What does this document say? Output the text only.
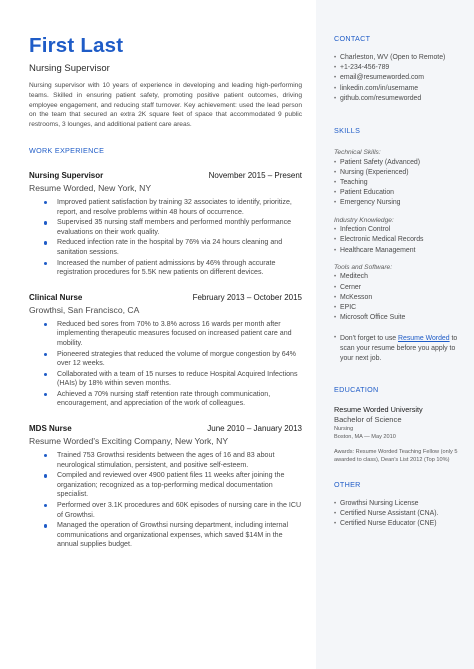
First Last
Nursing Supervisor

Nursing supervisor with 10 years of experience in developing and leading high-performing teams. Skilled in ensuring patient safety, promoting positive patient outcomes, driving employee engagement, and reducing staff turnover. Key achievement: used the lead person on the team that secured an extra 2K square feet of space that accommodated 9 public restrooms, 3 lounges, and additional patient care areas.

WORK EXPERIENCE
Nursing Supervisor	November 2015 – Present
Resume Worded, New York, NY
Improved patient satisfaction by training 32 associates to identify, prioritize, report, and resolve problems within 48 hours of occurrence.
Supervised 35 nursing staff members and performed monthly performance evaluations on their work quality.
Reduced infection rate in the hospital by 76% via 24 hours cleaning and sanitation sessions.
Increased the number of patient admissions by 46% through accurate registration procedures for 5.5K new patients on different devices.
Clinical Nurse	February 2013 – October 2015
Growthsi, San Francisco, CA
Reduced bed sores from 70% to 3.8% across 16 wards per month after implementing therapeutic measures focused on increased patient care and mobility.
Pioneered strategies that reduced the volume of morgue congestion by 64% over 12 weeks.
Collaborated with a team of 15 nurses to reduce Hospital Acquired Infections (HAIs) by 18% within seven months.
Achieved a 70% nursing staff retention rate through communication, encouragement, and appreciation of the work of colleagues.
MDS Nurse	June 2010 – January 2013
Resume Worded's Exciting Company, New York, NY
Trained 753 Growthsi residents between the ages of 16 and 83 about neurological stimulation, persistent, and positive self-esteem.
Compiled and reviewed over 4900 patient files 11 weeks after joining the organization; recognized as a top-performing medical documentation specialist.
Performed over 3.1K procedures and 60K episodes of nursing care in the ICU of Growthsi.
Managed the operation of Growthsi nursing department, including internal communications and organizational expenses, which saved $14M in the annual supplies budget.
CONTACT
• Charleston, WV (Open to Remote)
• +1-234-456-789
• email@resumeworded.com
• linkedin.com/in/username
• github.com/resumeworded
SKILLS
Technical Skills:
• Patient Safety (Advanced)
• Nursing (Experienced)
• Teaching
• Patient Education
• Emergency Nursing
Industry Knowledge:
• Infection Control
• Electronic Medical Records
• Healthcare Management
Tools and Software:
• Meditech
• Cerner
• McKesson
• EPIC
• Microsoft Office Suite

• Don't forget to use Resume Worded to scan your resume before you apply to your next job.

EDUCATION
Resume Worded University
Bachelor of Science
Nursing
Boston, MA — May 2010
Awards: Resume Worded Teaching Fellow (only 5 awarded to class), Dean's List 2012 (Top 10%)
OTHER
• Growthsi Nursing License
• Certified Nurse Assistant (CNA).
• Certified Nurse Educator (CNE)
